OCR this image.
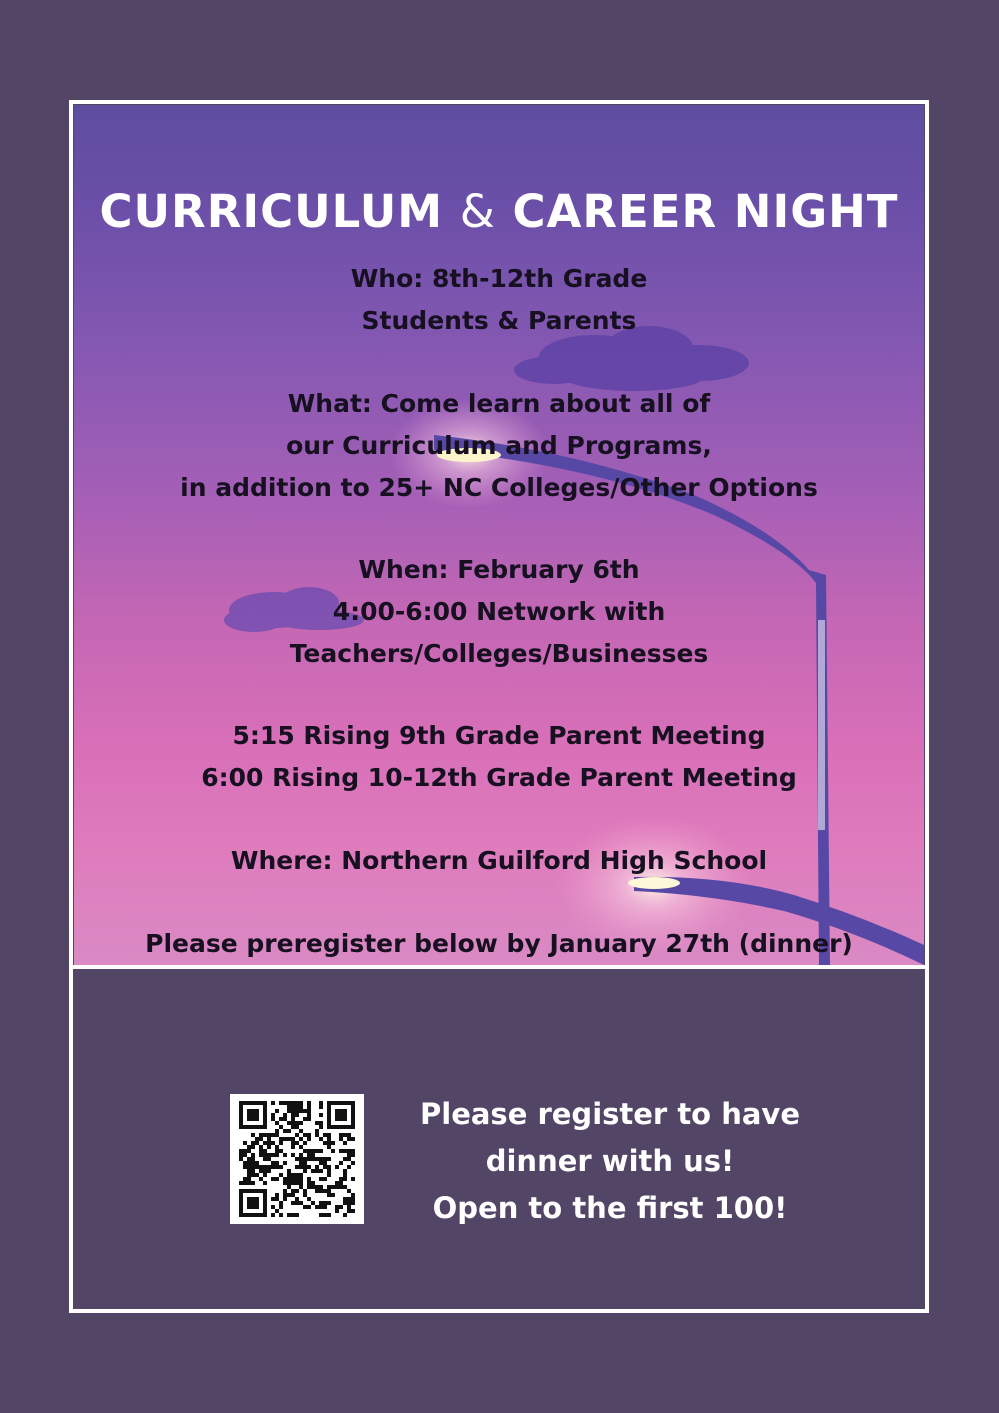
CURRICULUM & CAREER NIGHT
Who: 8th-12th Grade
Students & Parents
What: Come learn about all of
our Curriculum and Programs,
in addition to 25+ NC Colleges/Other Options
When: February 6th
4:00-6:00 Network with
Teachers/Colleges/Businesses
5:15 Rising 9th Grade Parent Meeting
6:00 Rising 10-12th Grade Parent Meeting
Where: Northern Guilford High School
Please preregister below by January 27th (dinner)
Please register to have
dinner with us!
Open to the first 100!
